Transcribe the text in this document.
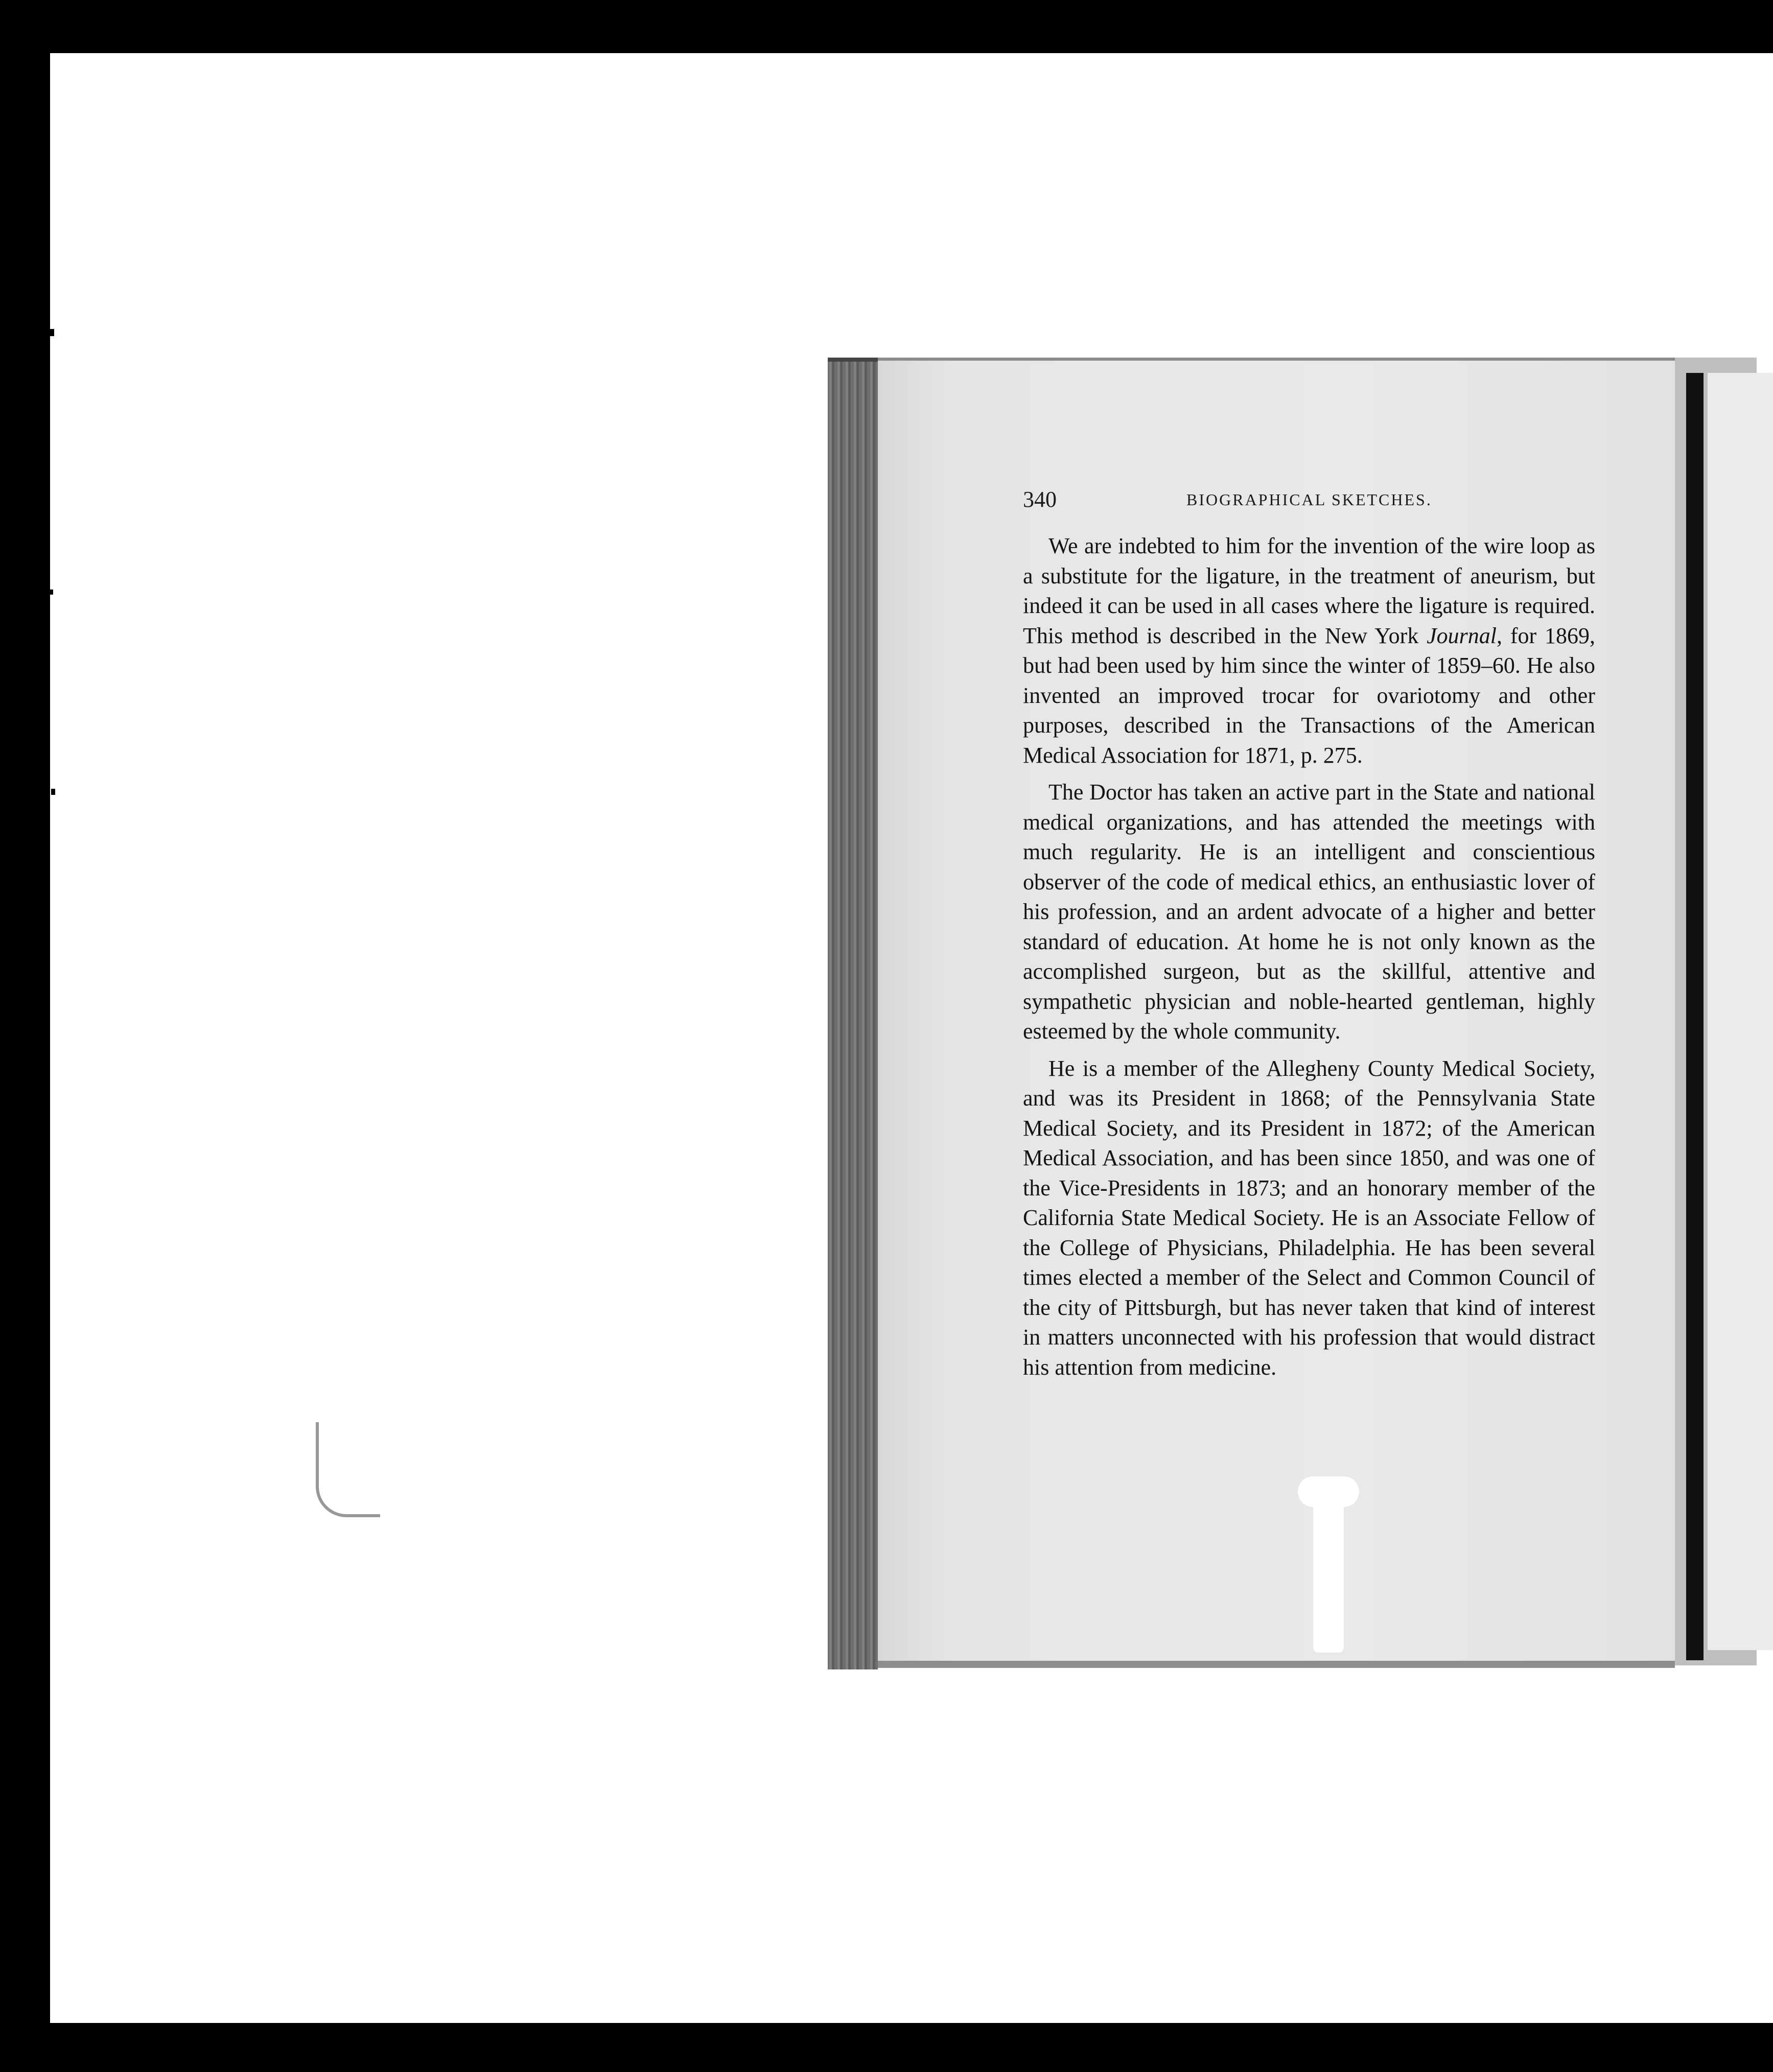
340	BIOGRAPHICAL SKETCHES.

We are indebted to him for the invention of the wire loop as a substitute for the ligature, in the treatment of aneurism, but indeed it can be used in all cases where the ligature is required. This method is described in the New York Journal, for 1869, but had been used by him since the winter of 1859–60. He also invented an improved trocar for ovariotomy and other purposes, described in the Transactions of the American Medical Association for 1871, p. 275.

The Doctor has taken an active part in the State and national medical organizations, and has attended the meetings with much regularity. He is an intelligent and conscientious observer of the code of medical ethics, an enthusiastic lover of his profession, and an ardent advocate of a higher and better standard of education. At home he is not only known as the accomplished surgeon, but as the skillful, attentive and sympathetic physician and noble-hearted gentleman, highly esteemed by the whole community.

He is a member of the Allegheny County Medical Society, and was its President in 1868; of the Pennsylvania State Medical Society, and its President in 1872; of the American Medical Association, and has been since 1850, and was one of the Vice-Presidents in 1873; and an honorary member of the California State Medical Society. He is an Associate Fellow of the College of Physicians, Philadelphia. He has been several times elected a member of the Select and Common Council of the city of Pittsburgh, but has never taken that kind of interest in matters unconnected with his profession that would distract his attention from medicine.
